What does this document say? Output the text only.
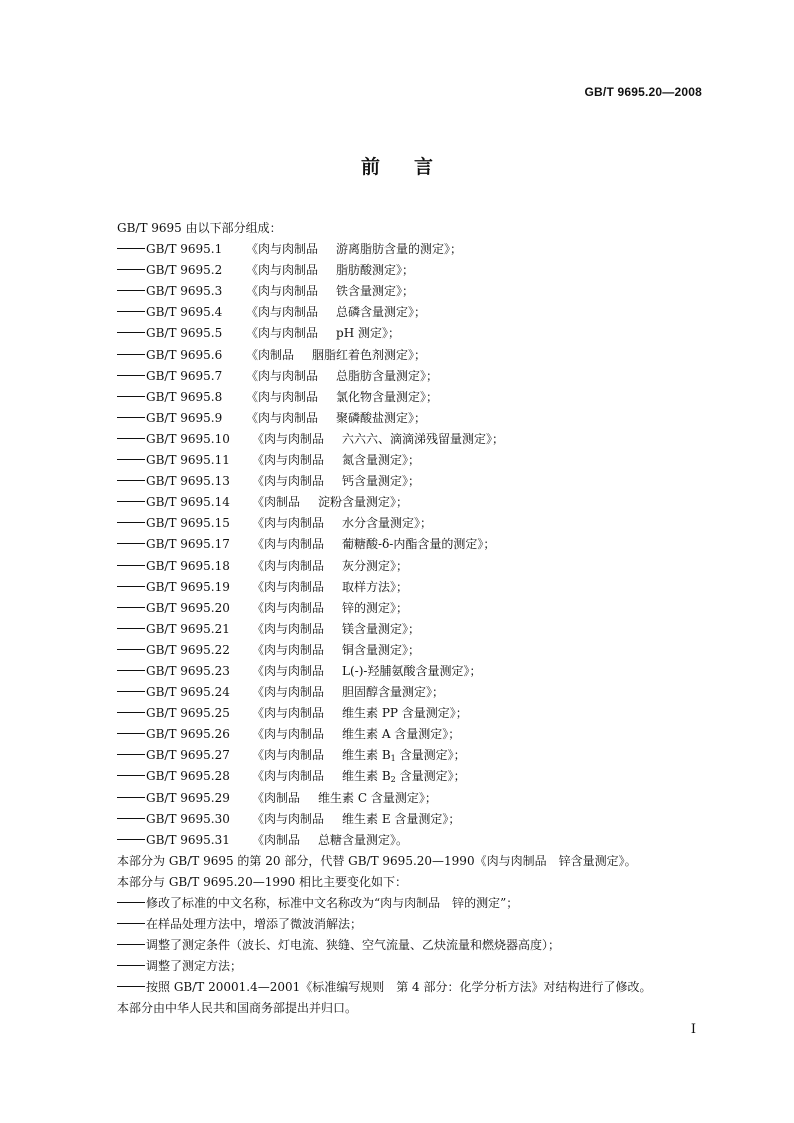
GB/T 9695.20—2008
前言
GB/T 9695 由以下部分组成：
GB/T 9695.1 《肉与肉制品 游离脂肪含量的测定》；
GB/T 9695.2 《肉与肉制品 脂肪酸测定》；
GB/T 9695.3 《肉与肉制品 铁含量测定》；
GB/T 9695.4 《肉与肉制品 总磷含量测定》；
GB/T 9695.5 《肉与肉制品 pH 测定》；
GB/T 9695.6 《肉制品 胭脂红着色剂测定》；
GB/T 9695.7 《肉与肉制品 总脂肪含量测定》；
GB/T 9695.8 《肉与肉制品 氯化物含量测定》；
GB/T 9695.9 《肉与肉制品 聚磷酸盐测定》；
GB/T 9695.10 《肉与肉制品 六六六、滴滴涕残留量测定》；
GB/T 9695.11 《肉与肉制品 氮含量测定》；
GB/T 9695.13 《肉与肉制品 钙含量测定》；
GB/T 9695.14 《肉制品 淀粉含量测定》；
GB/T 9695.15 《肉与肉制品 水分含量测定》；
GB/T 9695.17 《肉与肉制品 葡糖酸-δ-内酯含量的测定》；
GB/T 9695.18 《肉与肉制品 灰分测定》；
GB/T 9695.19 《肉与肉制品 取样方法》；
GB/T 9695.20 《肉与肉制品 锌的测定》；
GB/T 9695.21 《肉与肉制品 镁含量测定》；
GB/T 9695.22 《肉与肉制品 铜含量测定》；
GB/T 9695.23 《肉与肉制品 L(-)-羟脯氨酸含量测定》；
GB/T 9695.24 《肉与肉制品 胆固醇含量测定》；
GB/T 9695.25 《肉与肉制品 维生素 PP 含量测定》；
GB/T 9695.26 《肉与肉制品 维生素 A 含量测定》；
GB/T 9695.27 《肉与肉制品 维生素 $B_1$ 含量测定》；
GB/T 9695.28 《肉与肉制品 维生素 $B_2$ 含量测定》；
GB/T 9695.29 《肉制品 维生素 C 含量测定》；
GB/T 9695.30 《肉与肉制品 维生素 E 含量测定》；
GB/T 9695.31 《肉制品 总糖含量测定》。
本部分为 GB/T 9695 的第 20 部分，代替 GB/T 9695.20—1990《肉与肉制品　锌含量测定》。
本部分与 GB/T 9695.20—1990 相比主要变化如下：
修改了标准的中文名称，标准中文名称改为“肉与肉制品　锌的测定”；
在样品处理方法中，增添了微波消解法；
调整了测定条件（波长、灯电流、狭缝、空气流量、乙炔流量和燃烧器高度）；
调整了测定方法；
按照 GB/T 20001.4—2001《标准编写规则　第 4 部分：化学分析方法》对结构进行了修改。
本部分由中华人民共和国商务部提出并归口。
I
